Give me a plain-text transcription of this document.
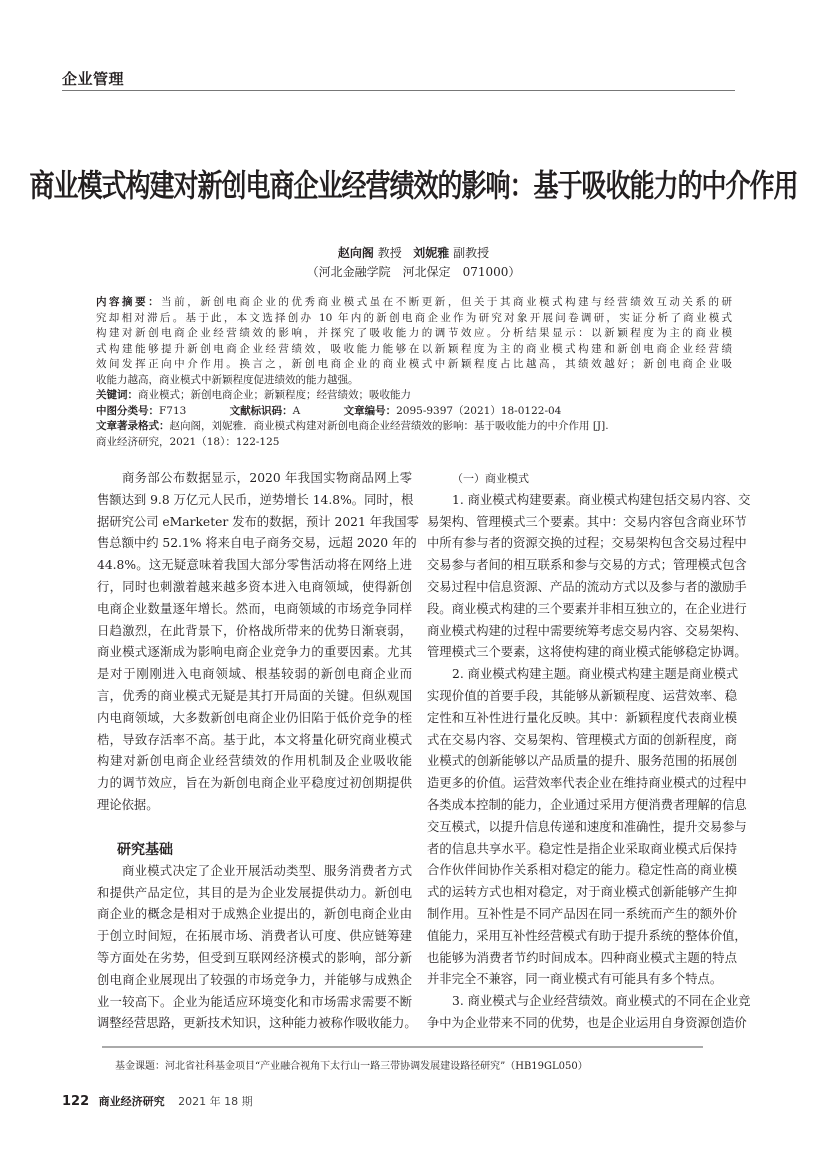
企业管理
商业模式构建对新创电商企业经营绩效的影响：基于吸收能力的中介作用
赵向阁 教授 刘妮雅 副教授
（河北金融学院　河北保定　071000）
内容摘要：当前，新创电商企业的优秀商业模式虽在不断更新，但关于其商业模式构建与经营绩效互动关系的研
究却相对滞后。基于此，本文选择创办 10 年内的新创电商企业作为研究对象开展问卷调研，实证分析了商业模式
构建对新创电商企业经营绩效的影响，并探究了吸收能力的调节效应。分析结果显示：以新颖程度为主的商业模
式构建能够提升新创电商企业经营绩效，吸收能力能够在以新颖程度为主的商业模式构建和新创电商企业经营绩
效间发挥正向中介作用。换言之，新创电商企业的商业模式中新颖程度占比越高，其绩效越好；新创电商企业吸
收能力越高，商业模式中新颖程度促进绩效的能力越强。
关键词：商业模式；新创电商企业；新颖程度；经营绩效；吸收能力
中图分类号：F713	文献标识码：A	文章编号：2095-9397（2021）18-0122-04
文章著录格式：赵向阁，刘妮雅．商业模式构建对新创电商企业经营绩效的影响：基于吸收能力的中介作用 [J].
商业经济研究，2021（18）：122-125
商务部公布数据显示，2020 年我国实物商品网上零
售额达到 9.8 万亿元人民币，逆势增长 14.8%。同时，根
据研究公司 eMarketer 发布的数据，预计 2021 年我国零
售总额中约 52.1% 将来自电子商务交易，远超 2020 年的
44.8%。这无疑意味着我国大部分零售活动将在网络上进
行，同时也刺激着越来越多资本进入电商领域，使得新创
电商企业数量逐年增长。然而，电商领域的市场竞争同样
日趋激烈，在此背景下，价格战所带来的优势日渐衰弱，
商业模式逐渐成为影响电商企业竞争力的重要因素。尤其
是对于刚刚进入电商领域、根基较弱的新创电商企业而
言，优秀的商业模式无疑是其打开局面的关键。但纵观国
内电商领域，大多数新创电商企业仍旧陷于低价竞争的桎
梏，导致存活率不高。基于此，本文将量化研究商业模式
构建对新创电商企业经营绩效的作用机制及企业吸收能
力的调节效应，旨在为新创电商企业平稳度过初创期提供
理论依据。
研究基础
商业模式决定了企业开展活动类型、服务消费者方式
和提供产品定位，其目的是为企业发展提供动力。新创电
商企业的概念是相对于成熟企业提出的，新创电商企业由
于创立时间短，在拓展市场、消费者认可度、供应链筹建
等方面处在劣势，但受到互联网经济模式的影响，部分新
创电商企业展现出了较强的市场竞争力，并能够与成熟企
业一较高下。企业为能适应环境变化和市场需求需要不断
调整经营思路，更新技术知识，这种能力被称作吸收能力。
（一）商业模式
1. 商业模式构建要素。商业模式构建包括交易内容、交
易架构、管理模式三个要素。其中：交易内容包含商业环节
中所有参与者的资源交换的过程；交易架构包含交易过程中
交易参与者间的相互联系和参与交易的方式；管理模式包含
交易过程中信息资源、产品的流动方式以及参与者的激励手
段。商业模式构建的三个要素并非相互独立的，在企业进行
商业模式构建的过程中需要统筹考虑交易内容、交易架构、
管理模式三个要素，这将使构建的商业模式能够稳定协调。
2. 商业模式构建主题。商业模式构建主题是商业模式
实现价值的首要手段，其能够从新颖程度、运营效率、稳
定性和互补性进行量化反映。其中：新颖程度代表商业模
式在交易内容、交易架构、管理模式方面的创新程度，商
业模式的创新能够以产品质量的提升、服务范围的拓展创
造更多的价值。运营效率代表企业在维持商业模式的过程中
各类成本控制的能力，企业通过采用方便消费者理解的信息
交互模式，以提升信息传递和速度和准确性，提升交易参与
者的信息共享水平。稳定性是指企业采取商业模式后保持
合作伙伴间协作关系相对稳定的能力。稳定性高的商业模
式的运转方式也相对稳定，对于商业模式创新能够产生抑
制作用。互补性是不同产品因在同一系统而产生的额外价
值能力，采用互补性经营模式有助于提升系统的整体价值，
也能够为消费者节约时间成本。四种商业模式主题的特点
并非完全不兼容，同一商业模式有可能具有多个特点。
3. 商业模式与企业经营绩效。商业模式的不同在企业竞
争中为企业带来不同的优势，也是企业运用自身资源创造价
基金课题：河北省社科基金项目“产业融合视角下太行山一路三带协调发展建设路径研究”（HB19GL050）
122 商业经济研究 2021 年 18 期
